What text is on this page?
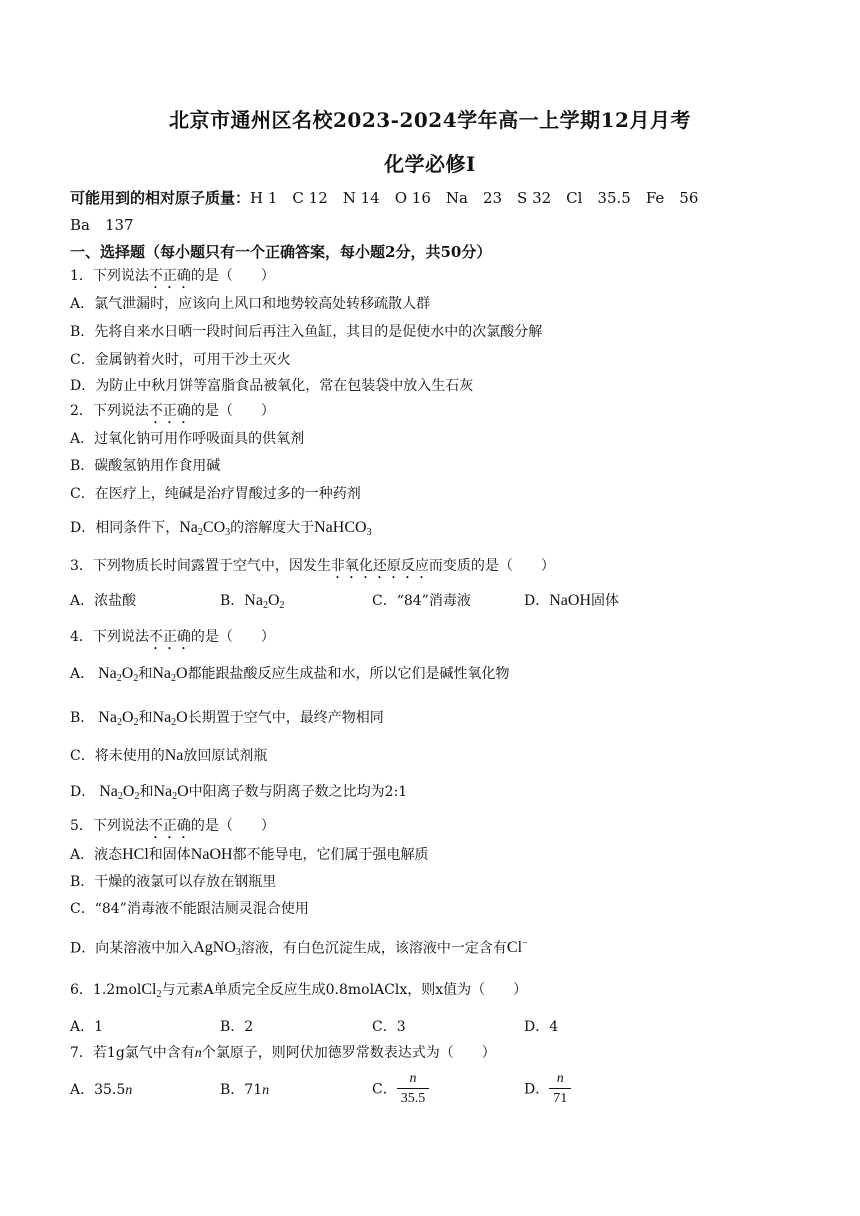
北京市通州区名校2023-2024学年高一上学期12月月考
化学必修Ⅰ
可能用到的相对原子质量：H 1　C 12　N 14　O 16　Na　23　S 32　Cl　35.5　Fe　56
Ba　137
一、选择题（每小题只有一个正确答案，每小题2分，共50分）
1．下列说法不正确的是（　　）
A．氯气泄漏时，应该向上风口和地势较高处转移疏散人群
B．先将自来水日晒一段时间后再注入鱼缸，其目的是促使水中的次氯酸分解
C．金属钠着火时，可用干沙土灭火
D．为防止中秋月饼等富脂食品被氧化，常在包装袋中放入生石灰
2．下列说法不正确的是（　　）
A．过氧化钠可用作呼吸面具的供氧剂
B．碳酸氢钠用作食用碱
C．在医疗上，纯碱是治疗胃酸过多的一种药剂
D．相同条件下，$Na_2CO_3$的溶解度大于NaHCO$_3$
3．下列物质长时间露置于空气中，因发生非氧化还原反应而变质的是（　　）
A．浓盐酸	B．$Na_2O_2$	C．“84”消毒液	D．NaOH固体
4．下列说法不正确的是（　　）
A． $Na_2O_2$和$Na_2O$都能跟盐酸反应生成盐和水，所以它们是碱性氧化物
B． $Na_2O_2$和$Na_2O$长期置于空气中，最终产物相同
C．将未使用的Na放回原试剂瓶
D． $Na_2O_2$和$Na_2O$中阳离子数与阴离子数之比均为2:1
5．下列说法不正确的是（　　）
A．液态HCl和固体NaOH都不能导电，它们属于强电解质
B．干燥的液氯可以存放在钢瓶里
C．“84”消毒液不能跟洁厕灵混合使用
D．向某溶液中加入AgNO$_3$溶液，有白色沉淀生成，该溶液中一定含有Cl−
6．1.2molCl$_2$与元素A单质完全反应生成0.8molAClx，则x值为（　　）
A．1	B．2	C．3	D．4
7．若1g氯气中含有n个氯原子，则阿伏加德罗常数表达式为（　　）
A．35.5n	B．71n	C． $\frac{n}{35.5}$	D． $\frac{n}{71}$
